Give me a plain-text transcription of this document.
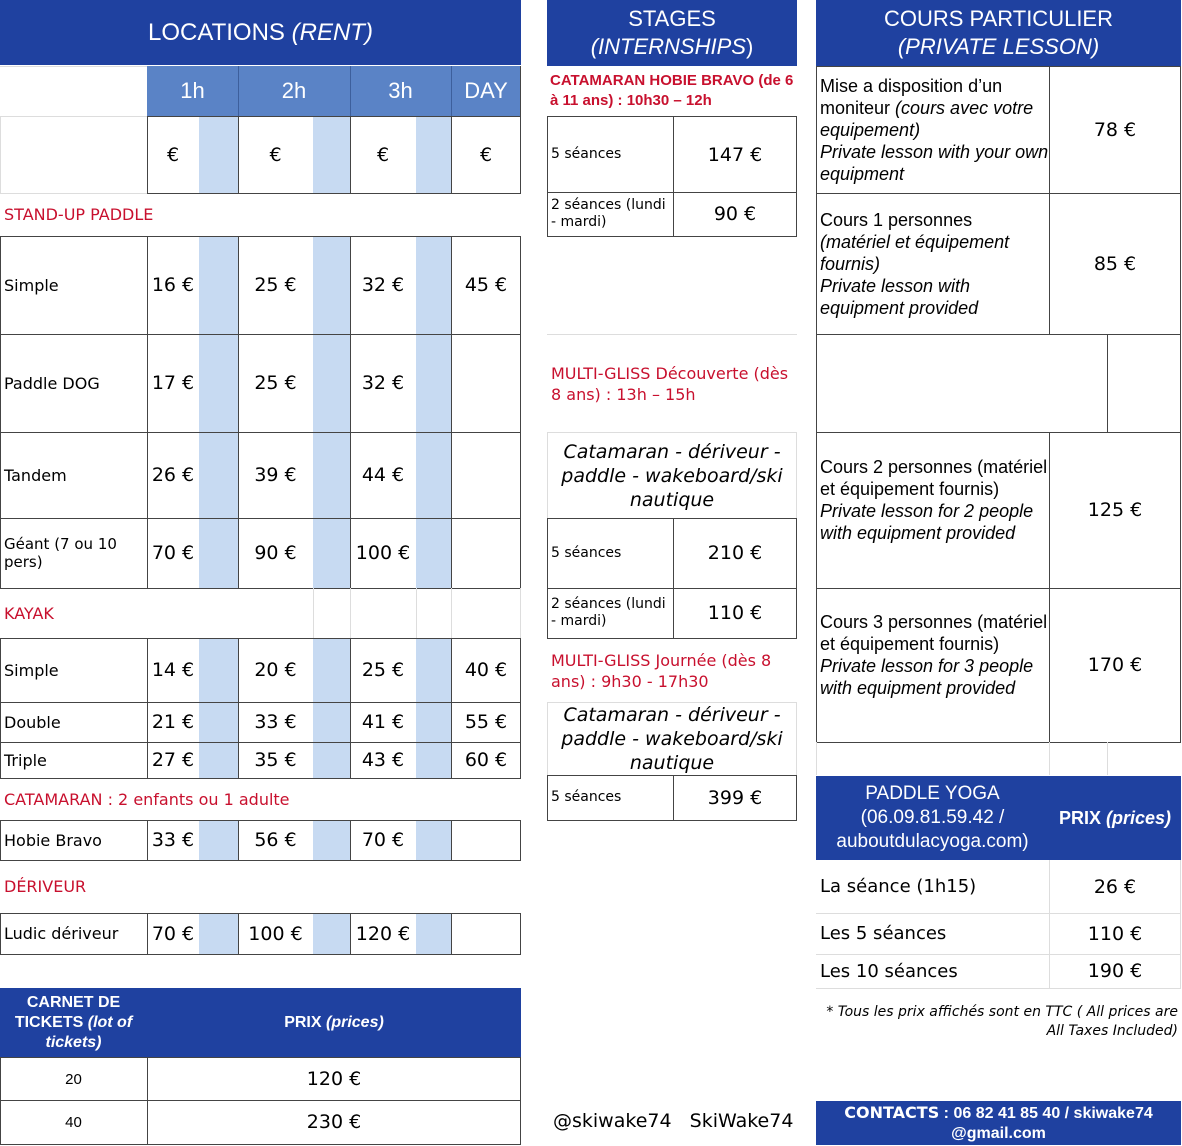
LOCATIONS
(RENT)
1h	2h	3h	DAY
€	€	€	€
STAND-UP PADDLE
Simple	16 €	25 €	32 €	45 €
Paddle DOG	17 €	25 €	32 €
Tandem	26 €	39 €	44 €
Géant (7 ou 10 pers)	70 €	90 €	100 €
KAYAK
Simple	14 €	20 €	25 €	40 €
Double	21 €	33 €	41 €	55 €
Triple	27 €	35 €	43 €	60 €
CATAMARAN : 2 enfants ou 1 adulte
Hobie Bravo	33 €	56 €	70 €
DÉRIVEUR
Ludic dériveur	70 €	100 €	120 €
CARNET DE TICKETS (lot of tickets)
PRIX
(prices)
20	120 €
40	230 €
STAGES
(INTERNSHIPS)
CATAMARAN HOBIE BRAVO (de 6 à 11 ans) : 10h30 – 12h
5 séances	147 €
2 séances (lundi - mardi)	90 €
MULTI-GLISS Découverte (dès 8 ans) : 13h – 15h
Catamaran - dériveur - paddle - wakeboard/ski nautique
5 séances	210 €
2 séances (lundi - mardi)	110 €
MULTI-GLISS Journée (dès 8 ans) : 9h30 - 17h30
Catamaran - dériveur - paddle - wakeboard/ski nautique
5 séances	399 €
@skiwake74   SkiWake74
COURS PARTICULIER
(PRIVATE LESSON)
Mise a disposition d’un moniteur (cours avec votre equipement)
Private lesson with your own equipment
78 €
Cours 1 personnes
(matériel et équipement fournis)
Private lesson with equipment provided
85 €
Cours 2 personnes (matériel et équipement fournis)
Private lesson for 2 people with equipment provided
125 €
Cours 3 personnes (matériel et équipement fournis)
Private lesson for 3 people with equipment provided
170 €
PADDLE YOGA (06.09.81.59.42 / auboutdulacyoga.com)
PRIX
(prices)
La séance (1h15)	26 €
Les 5 séances	110 €
Les 10 séances	190 €
* Tous les prix affichés sont en TTC ( All prices are All Taxes Included)
CONTACTS : 06 82 41 85 40 / skiwake74 @gmail.com
